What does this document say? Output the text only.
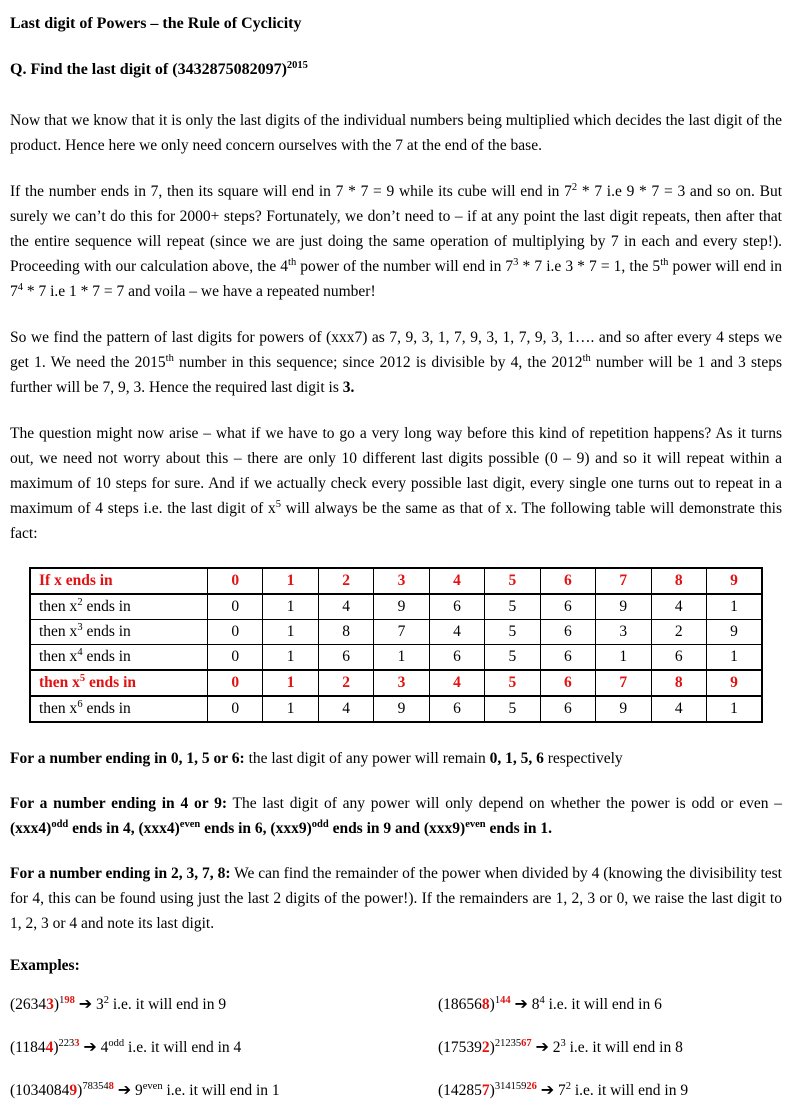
Last digit of Powers – the Rule of Cyclicity
Q. Find the last digit of $(3432875082097)^{2015}$

Now that we know that it is only the last digits of the individual numbers being multiplied which decides the last digit of the product. Hence here we only need concern ourselves with the 7 at the end of the base.

If the number ends in 7, then its square will end in 7 * 7 = 9 while its cube will end in $7^2 * 7$ i.e 9 * 7 = 3 and so on. But surely we can’t do this for 2000+ steps? Fortunately, we don’t need to – if at any point the last digit repeats, then after that the entire sequence will repeat (since we are just doing the same operation of multiplying by 7 in each and every step!). Proceeding with our calculation above, the 4th power of the number will end in $7^3 * 7$ i.e 3 * 7 = 1, the 5th power will end in $7^4 * 7$ i.e 1 * 7 = 7 and voila – we have a repeated number!

So we find the pattern of last digits for powers of (xxx7) as 7, 9, 3, 1, 7, 9, 3, 1, 7, 9, 3, 1…. and so after every 4 steps we get 1. We need the 2015th number in this sequence; since 2012 is divisible by 4, the 2012th number will be 1 and 3 steps further will be 7, 9, 3. Hence the required last digit is 3.

The question might now arise – what if we have to go a very long way before this kind of repetition happens? As it turns out, we need not worry about this – there are only 10 different last digits possible (0 – 9) and so it will repeat within a maximum of 10 steps for sure. And if we actually check every possible last digit, every single one turns out to repeat in a maximum of 4 steps i.e. the last digit of $x^5$ will always be the same as that of x. The following table will demonstrate this fact:

If x ends in	0	1	2	3	4	5	6	7	8	9
then $x^2$ ends in	0	1	4	9	6	5	6	9	4	1
then $x^3$ ends in	0	1	8	7	4	5	6	3	2	9
then $x^4$ ends in	0	1	6	1	6	5	6	1	6	1
then $x^5$ ends in	0	1	2	3	4	5	6	7	8	9
then $x^6$ ends in	0	1	4	9	6	5	6	9	4	1

For a number ending in 0, 1, 5 or 6: the last digit of any power will remain 0, 1, 5, 6 respectively

For a number ending in 4 or 9: The last digit of any power will only depend on whether the power is odd or even – $(xxx4)^{odd}$ ends in 4, $(xxx4)^{even}$ ends in 6, $(xxx9)^{odd}$ ends in 9 and $(xxx9)^{even}$ ends in 1.

For a number ending in 2, 3, 7, 8: We can find the remainder of the power when divided by 4 (knowing the divisibility test for 4, this can be found using just the last 2 digits of the power!). If the remainders are 1, 2, 3 or 0, we raise the last digit to 1, 2, 3 or 4 and note its last digit.

Examples:
$(26343)^{198}$ ➔ $3^2$ i.e. it will end in 9	$(186568)^{144}$ ➔ $8^4$ i.e. it will end in 6
$(11844)^{2233}$ ➔ $4^{odd}$ i.e. it will end in 4	$(175392)^{2123567}$ ➔ $2^3$ i.e. it will end in 8
$(10340849)^{783548}$ ➔ $9^{even}$ i.e. it will end in 1	$(142857)^{31415926}$ ➔ $7^2$ i.e. it will end in 9
